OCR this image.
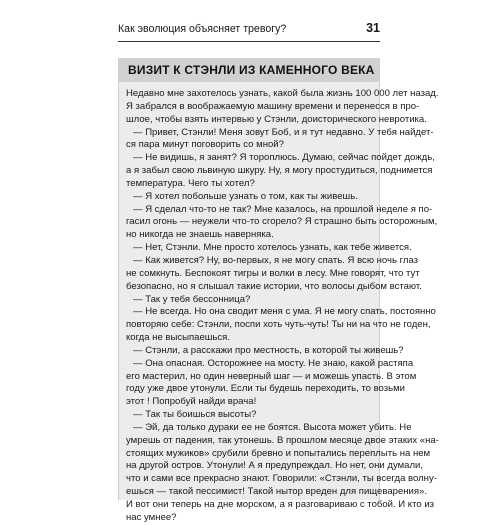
Как эволюция объясняет тревогу?	31
ВИЗИТ К СТЭНЛИ ИЗ КАМЕННОГО ВЕКА
Недавно мне захотелось узнать, какой была жизнь 100 000 лет назад.
Я забрался в воображаемую машину времени и перенесся в про-
шлое, чтобы взять интервью у Стэнли, доисторического невротика.
— Привет, Стэнли! Меня зовут Боб, и я тут недавно. У тебя найдет-
ся пара минут поговорить со мной?
— Не видишь, я занят? Я тороплюсь. Думаю, сейчас пойдет дождь,
а я забыл свою львиную шкуру. Ну, я могу простудиться, поднимется
температура. Чего ты хотел?
— Я хотел побольше узнать о том, как ты живешь.
— Я сделал что-то не так? Мне казалось, на прошлой неделе я по-
гасил огонь — неужели что-то сгорело? Я страшно быть осторожным,
но никогда не знаешь наверняка.
— Нет, Стэнли. Мне просто хотелось узнать, как тебе живется.
— Как живется? Ну, во-первых, я не могу спать. Я всю ночь глаз
не сомкнуть. Беспокоят тигры и волки в лесу. Мне говорят, что тут
безопасно, но я слышал такие истории, что волосы дыбом встают.
— Так у тебя бессонница?
— Не всегда. Но она сводит меня с ума. Я не могу спать, постоянно
повторяю себе: Стэнли, поспи хоть чуть-чуть! Ты ни на что не годен,
когда не высыпаешься.
— Стэнли, а расскажи про местность, в которой ты живешь?
— Она опасная. Осторожнее на мосту. Не знаю, какой растяпа
его мастерил, но один неверный шаг — и можешь упасть. В этом
году уже двое утонули. Если ты будешь переходить, то возьми
этот ! Попробуй найди врача!
— Так ты боишься высоты?
— Эй, да только дураки ее не боятся. Высота может убить. Не
умрешь от падения, так утонешь. В прошлом месяце двое этаких «на-
стоящих мужиков» срубили бревно и попытались переплыть на нем
на другой остров. Утонули! А я предупреждал. Но нет, они думали,
что и сами все прекрасно знают. Говорили: «Стэнли, ты всегда волну-
ешься — такой пессимист! Такой нытор вреден для пищеварения».
И вот они теперь на дне морском, а я разговариваю с тобой. И кто из
нас умнее?
